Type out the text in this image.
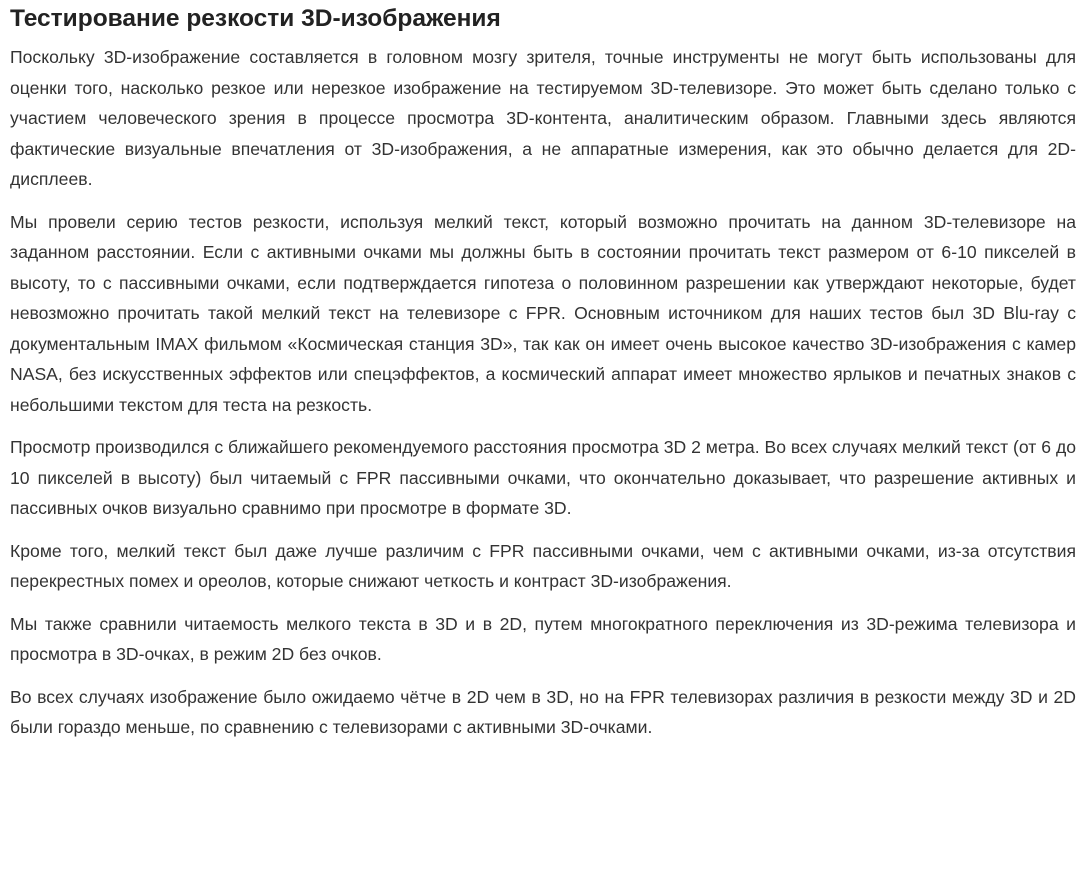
Тестирование резкости 3D-изображения

Поскольку 3D-изображение составляется в головном мозгу зрителя, точные инструменты не могут быть использованы для оценки того, насколько резкое или нерезкое изображение на тестируемом 3D-телевизоре. Это может быть сделано только с участием человеческого зрения в процессе просмотра 3D-контента, аналитическим образом. Главными здесь являются фактические визуальные впечатления от 3D-изображения, а не аппаратные измерения, как это обычно делается для 2D-дисплеев.

Мы провели серию тестов резкости, используя мелкий текст, который возможно прочитать на данном 3D-телевизоре на заданном расстоянии. Если с активными очками мы должны быть в состоянии прочитать текст размером от 6-10 пикселей в высоту, то с пассивными очками, если подтверждается гипотеза о половинном разрешении как утверждают некоторые, будет невозможно прочитать такой мелкий текст на телевизоре с FPR. Основным источником для наших тестов был 3D Blu-ray с документальным IMAX фильмом «Космическая станция 3D», так как он имеет очень высокое качество 3D-изображения с камер NASA, без искусственных эффектов или спецэффектов, а космический аппарат имеет множество ярлыков и печатных знаков с небольшими текстом для теста на резкость.

Просмотр производился с ближайшего рекомендуемого расстояния просмотра 3D 2 метра. Во всех случаях мелкий текст (от 6 до 10 пикселей в высоту) был читаемый с FPR пассивными очками, что окончательно доказывает, что разрешение активных и пассивных очков визуально сравнимо при просмотре в формате 3D.

Кроме того, мелкий текст был даже лучше различим с FPR пассивными очками, чем с активными очками, из-за отсутствия перекрестных помех и ореолов, которые снижают четкость и контраст 3D-изображения.

Мы также сравнили читаемость мелкого текста в 3D и в 2D, путем многократного переключения из 3D-режима телевизора и просмотра в 3D-очках, в режим 2D без очков.

Во всех случаях изображение было ожидаемо чётче в 2D чем в 3D, но на FPR телевизорах различия в резкости между 3D и 2D были гораздо меньше, по сравнению с телевизорами с активными 3D-очками.
